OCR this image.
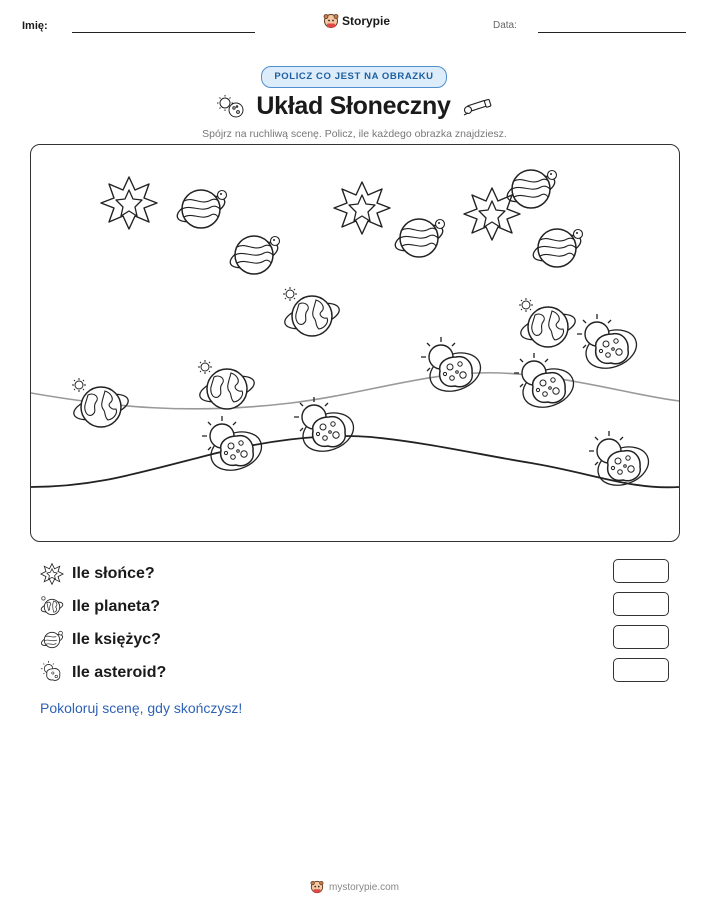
Imię:	Storypie	Data:
POLICZ CO JEST NA OBRAZKU
Układ Słoneczny
Spójrz na ruchliwą scenę. Policz, ile każdego obrazka znajdziesz.
Ile słońce?
Ile planeta?
Ile księżyc?
Ile asteroid?
Pokoloruj scenę, gdy skończysz!
mystorypie.com
